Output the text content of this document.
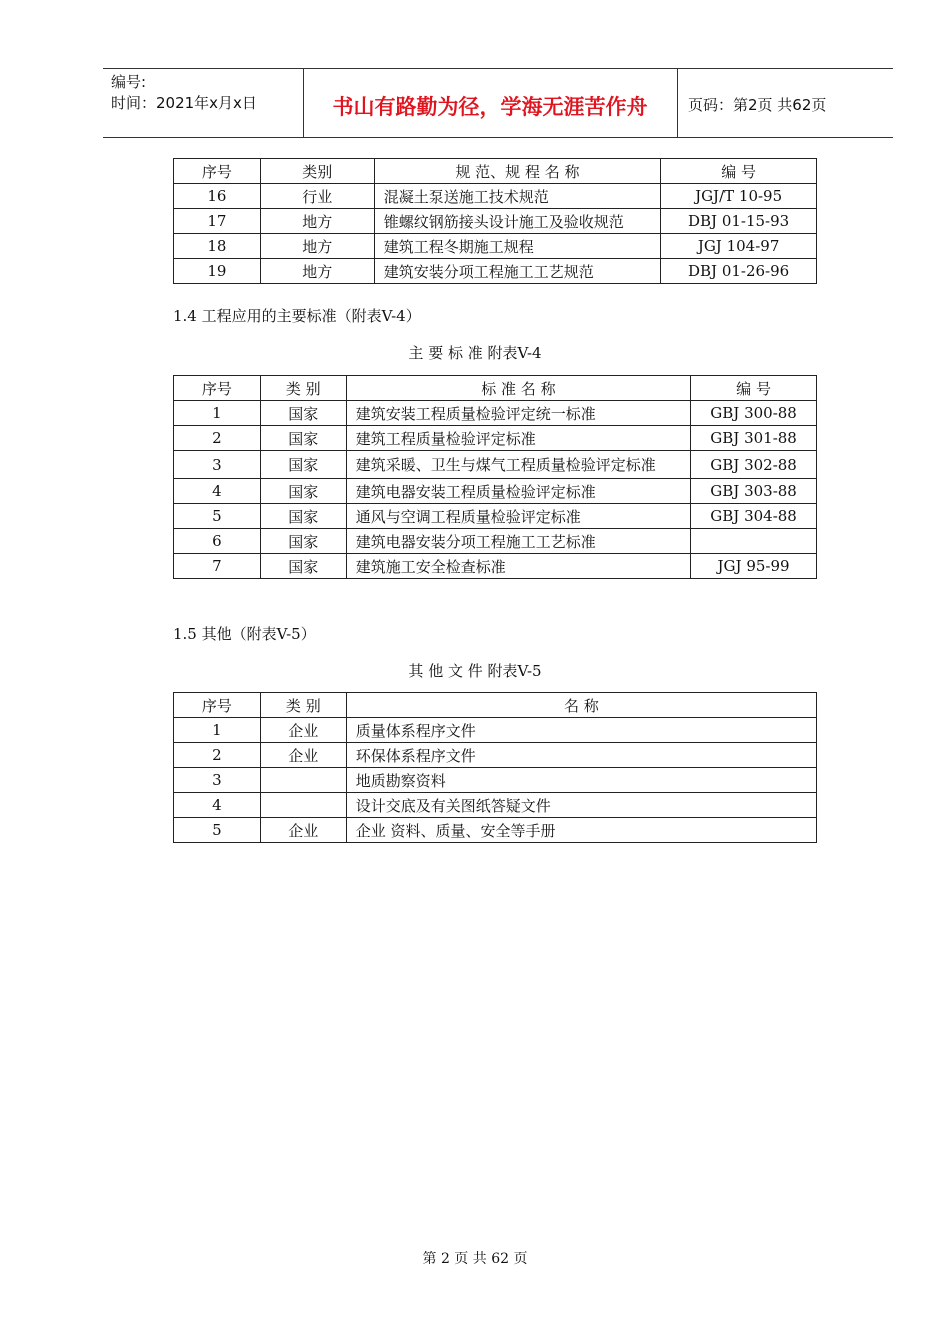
编号:
时间：2021年x月x日	书山有路勤为径，学海无涯苦作舟	页码：第2页 共62页
序号	类别	规 范、规 程 名 称	编 号
16	行业	混凝土泵送施工技术规范	JGJ/T 10-95
17	地方	锥螺纹钢筋接头设计施工及验收规范	DBJ 01-15-93
18	地方	建筑工程冬期施工规程	JGJ 104-97
19	地方	建筑安装分项工程施工工艺规范	DBJ 01-26-96
1.4 工程应用的主要标准（附表V-4）
主 要 标 准 附表V-4
序号	类 别	标 准 名 称	编 号
1	国家	建筑安装工程质量检验评定统一标准	GBJ 300-88
2	国家	建筑工程质量检验评定标准	GBJ 301-88
3	国家	建筑采暖、卫生与煤气工程质量检验评定标准	GBJ 302-88
4	国家	建筑电器安装工程质量检验评定标准	GBJ 303-88
5	国家	通风与空调工程质量检验评定标准	GBJ 304-88
6	国家	建筑电器安装分项工程施工工艺标准	
7	国家	建筑施工安全检查标准	JGJ 95-99
1.5 其他（附表V-5）
其 他 文 件 附表V-5
序号	类 别	名 称
1	企业	质量体系程序文件
2	企业	环保体系程序文件
3		地质勘察资料
4		设计交底及有关图纸答疑文件
5	企业	企业 资料、质量、安全等手册
第 2 页 共 62 页
